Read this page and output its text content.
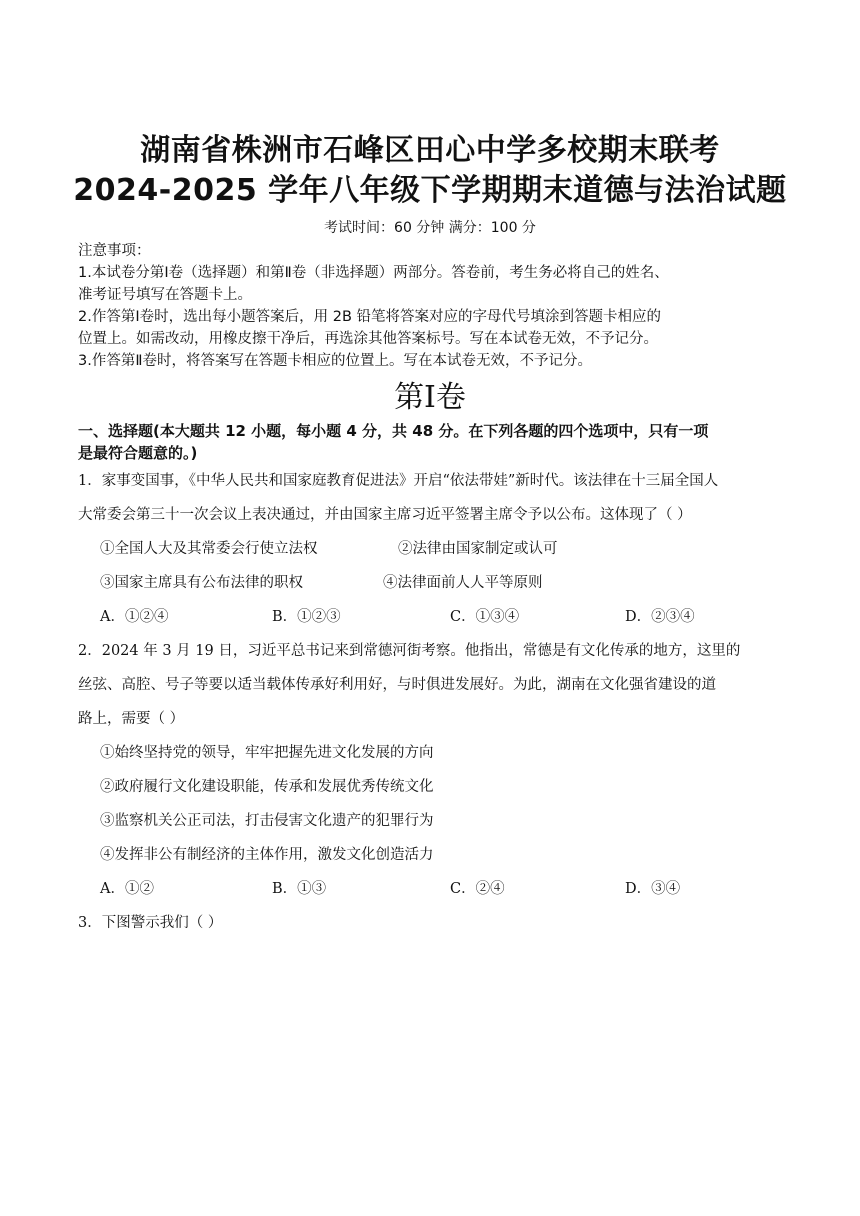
湖南省株洲市石峰区田心中学多校期末联考
2024-2025 学年八年级下学期期末道德与法治试题
考试时间：60 分钟 满分：100 分
注意事项：
1.本试卷分第Ⅰ卷（选择题）和第Ⅱ卷（非选择题）两部分。答卷前，考生务必将自己的姓名、
准考证号填写在答题卡上。
2.作答第Ⅰ卷时，选出每小题答案后，用 2B 铅笔将答案对应的字母代号填涂到答题卡相应的
位置上。如需改动，用橡皮擦干净后，再选涂其他答案标号。写在本试卷无效，不予记分。
3.作答第Ⅱ卷时，将答案写在答题卡相应的位置上。写在本试卷无效，不予记分。
第Ⅰ卷
一、选择题(本大题共 12 小题，每小题 4 分，共 48 分。在下列各题的四个选项中，只有一项
是最符合题意的。)
1．家事变国事，《中华人民共和国家庭教育促进法》开启“依法带娃”新时代。该法律在十三届全国人
大常委会第三十一次会议上表决通过，并由国家主席习近平签署主席令予以公布。这体现了（ ）
①全国人大及其常委会行使立法权	②法律由国家制定或认可
③国家主席具有公布法律的职权	④法律面前人人平等原则
A．①②④	B．①②③	C．①③④	D．②③④
2．2024 年 3 月 19 日，习近平总书记来到常德河街考察。他指出，常德是有文化传承的地方，这里的
丝弦、高腔、号子等要以适当载体传承好利用好，与时俱进发展好。为此，湖南在文化强省建设的道
路上，需要（ ）
①始终坚持党的领导，牢牢把握先进文化发展的方向
②政府履行文化建设职能，传承和发展优秀传统文化
③监察机关公正司法，打击侵害文化遗产的犯罪行为
④发挥非公有制经济的主体作用，激发文化创造活力
A．①②	B．①③	C．②④	D．③④
3．下图警示我们（ ）
